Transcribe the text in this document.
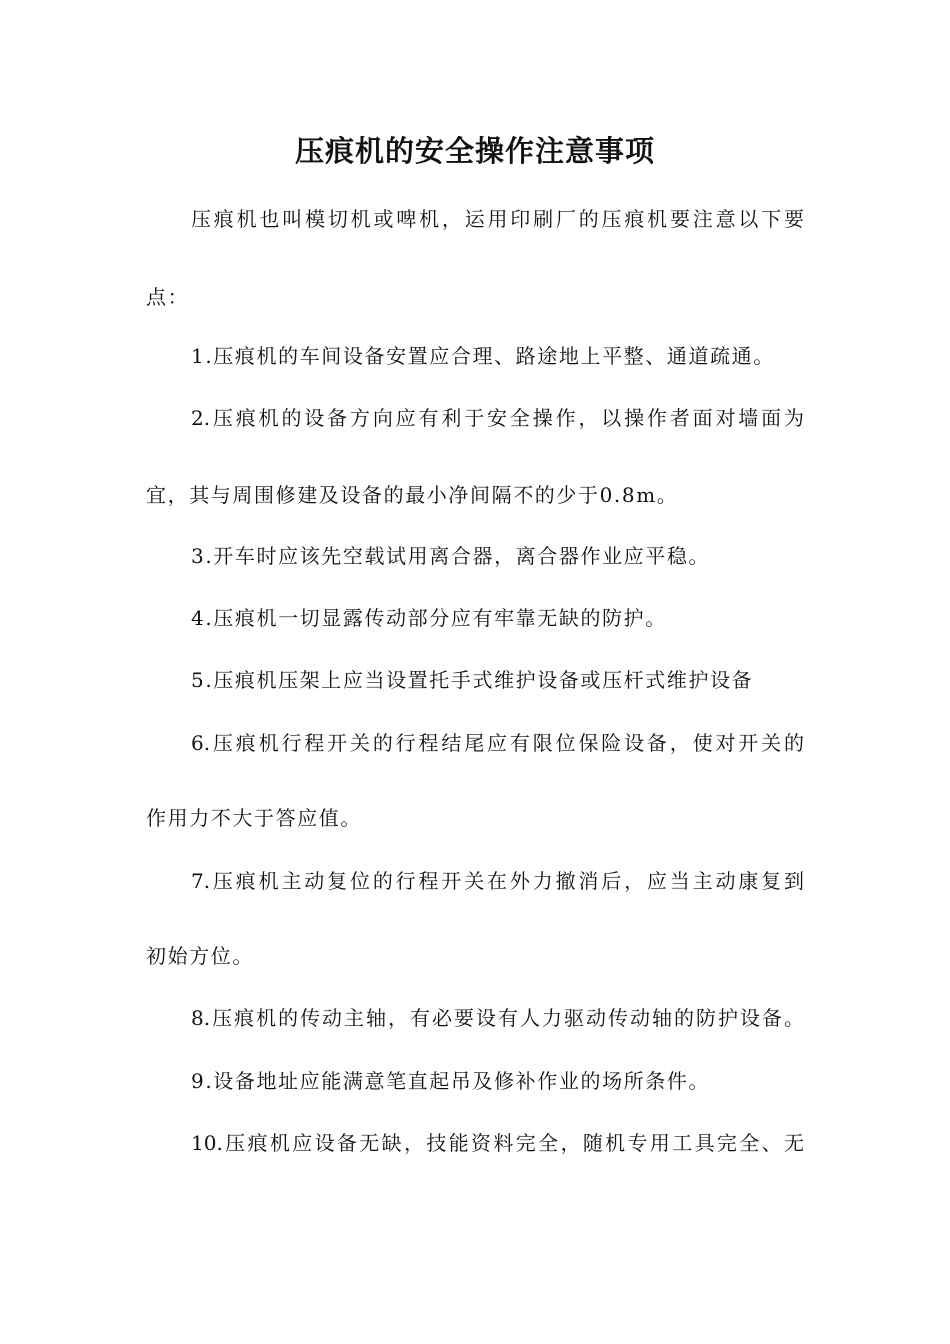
压痕机的安全操作注意事项
压痕机也叫模切机或啤机，运用印刷厂的压痕机要注意以下要
点：
1.压痕机的车间设备安置应合理、路途地上平整、通道疏通。
2.压痕机的设备方向应有利于安全操作，以操作者面对墙面为
宜，其与周围修建及设备的最小净间隔不的少于0.8m。
3.开车时应该先空载试用离合器，离合器作业应平稳。
4.压痕机一切显露传动部分应有牢靠无缺的防护。
5.压痕机压架上应当设置托手式维护设备或压杆式维护设备
6.压痕机行程开关的行程结尾应有限位保险设备，使对开关的
作用力不大于答应值。
7.压痕机主动复位的行程开关在外力撤消后，应当主动康复到
初始方位。
8.压痕机的传动主轴，有必要设有人力驱动传动轴的防护设备。
9.设备地址应能满意笔直起吊及修补作业的场所条件。
10.压痕机应设备无缺，技能资料完全，随机专用工具完全、无
